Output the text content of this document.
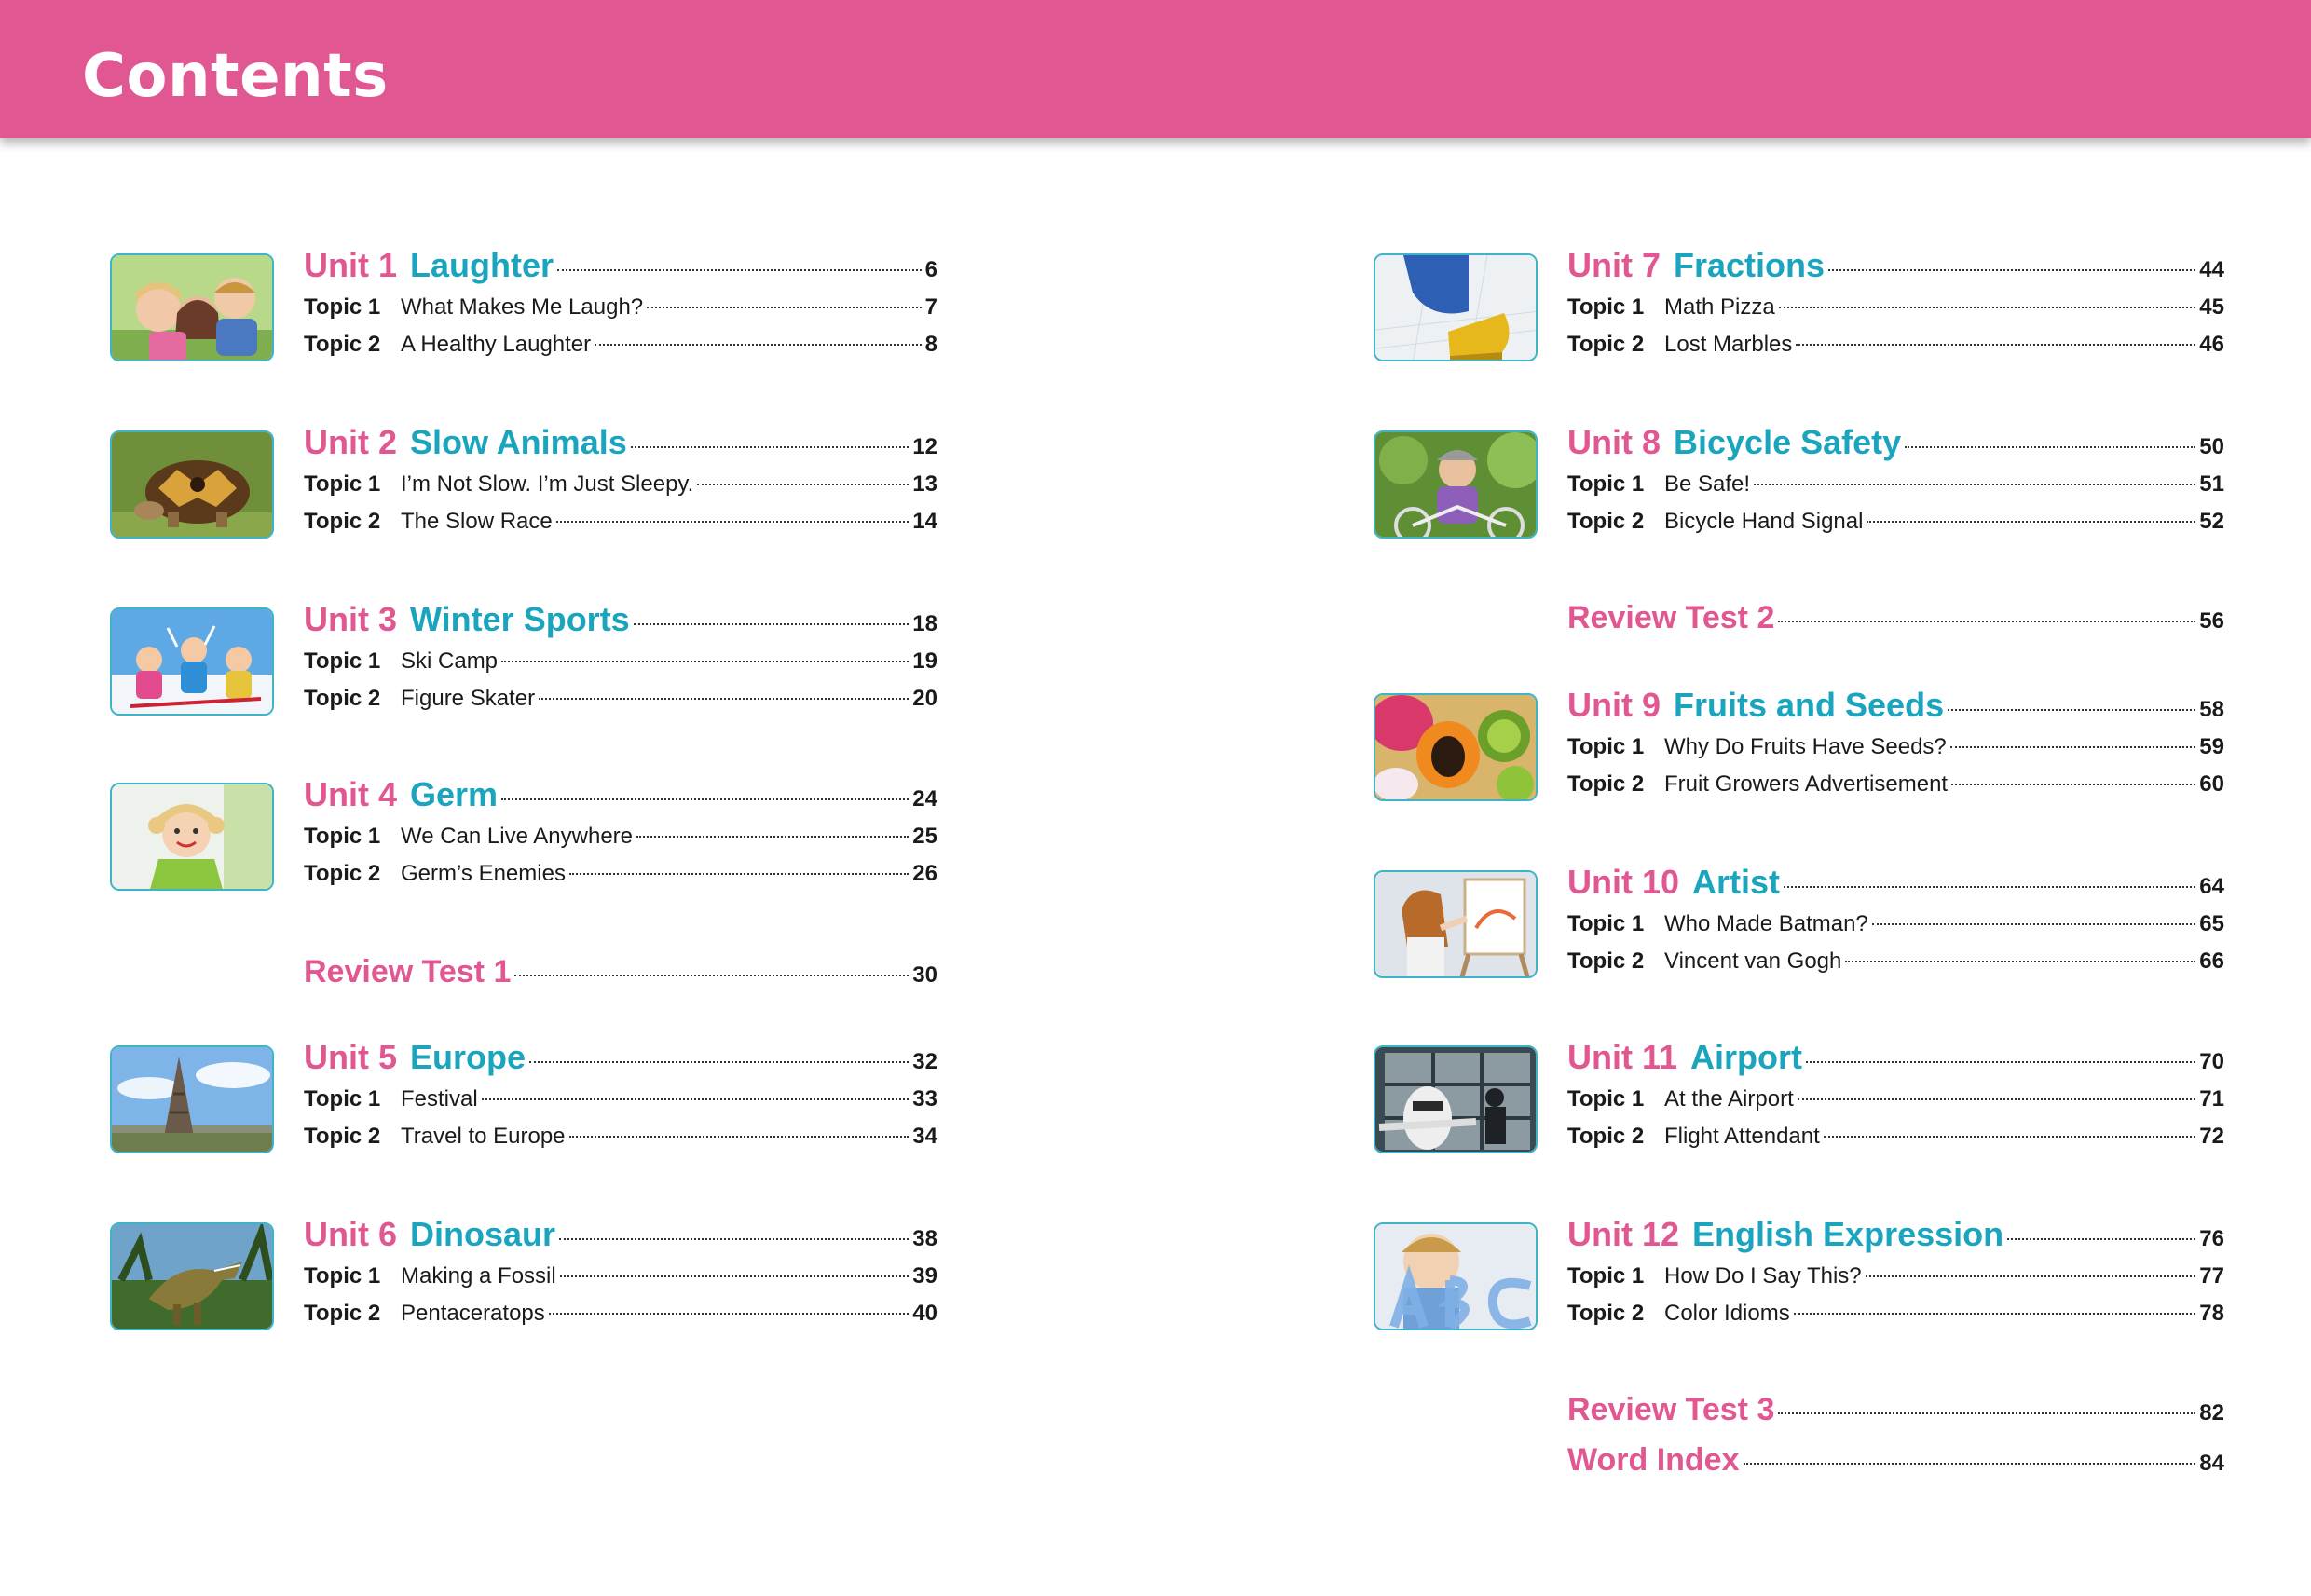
Contents
Unit 1 Laughter	6
Topic 1 What Makes Me Laugh?	7
Topic 2 A Healthy Laughter	8
Unit 2 Slow Animals	12
Topic 1 I’m Not Slow. I’m Just Sleepy.	13
Topic 2 The Slow Race	14
Unit 3 Winter Sports	18
Topic 1 Ski Camp	19
Topic 2 Figure Skater	20
Unit 4 Germ	24
Topic 1 We Can Live Anywhere	25
Topic 2 Germ’s Enemies	26
Review Test 1	30
Unit 5 Europe	32
Topic 1 Festival	33
Topic 2 Travel to Europe	34
Unit 6 Dinosaur	38
Topic 1 Making a Fossil	39
Topic 2 Pentaceratops	40
Unit 7 Fractions	44
Topic 1 Math Pizza	45
Topic 2 Lost Marbles	46
Unit 8 Bicycle Safety	50
Topic 1 Be Safe!	51
Topic 2 Bicycle Hand Signal	52
Review Test 2	56
Unit 9 Fruits and Seeds	58
Topic 1 Why Do Fruits Have Seeds?	59
Topic 2 Fruit Growers Advertisement	60
Unit 10 Artist	64
Topic 1 Who Made Batman?	65
Topic 2 Vincent van Gogh	66
Unit 11 Airport	70
Topic 1 At the Airport	71
Topic 2 Flight Attendant	72
Unit 12 English Expression	76
Topic 1 How Do I Say This?	77
Topic 2 Color Idioms	78
Review Test 3	82
Word Index	84
